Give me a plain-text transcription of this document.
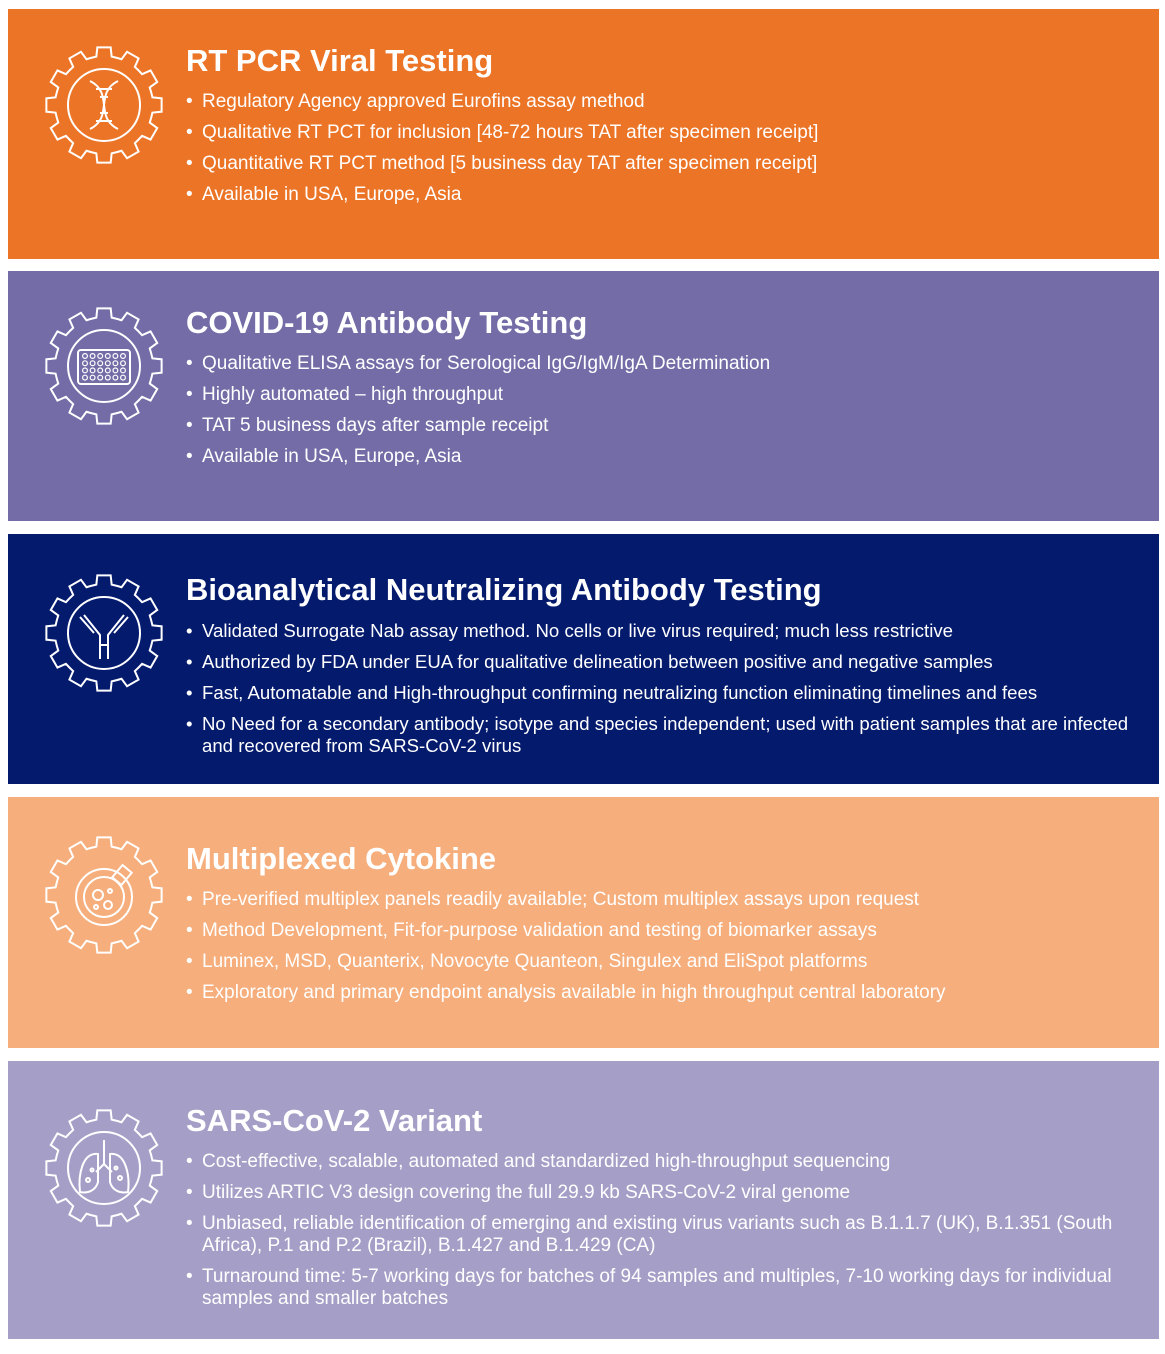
RT PCR Viral Testing
• Regulatory Agency approved Eurofins assay method
• Qualitative RT PCT for inclusion [48-72 hours TAT after specimen receipt]
• Quantitative RT PCT method [5 business day TAT after specimen receipt]
• Available in USA, Europe, Asia
COVID-19 Antibody Testing
• Qualitative ELISA assays for Serological IgG/IgM/IgA Determination
• Highly automated – high throughput
• TAT 5 business days after sample receipt
• Available in USA, Europe, Asia
Bioanalytical Neutralizing Antibody Testing
• Validated Surrogate Nab assay method. No cells or live virus required; much less restrictive
• Authorized by FDA under EUA for qualitative delineation between positive and negative samples
• Fast, Automatable and High-throughput confirming neutralizing function eliminating timelines and fees
• No Need for a secondary antibody; isotype and species independent; used with patient samples that are infected and recovered from SARS-CoV-2 virus
Multiplexed Cytokine
• Pre-verified multiplex panels readily available; Custom multiplex assays upon request
• Method Development, Fit-for-purpose validation and testing of biomarker assays
• Luminex, MSD, Quanterix, Novocyte Quanteon, Singulex and EliSpot platforms
• Exploratory and primary endpoint analysis available in high throughput central laboratory
SARS-CoV-2 Variant
• Cost-effective, scalable, automated and standardized high-throughput sequencing
• Utilizes ARTIC V3 design covering the full 29.9 kb SARS-CoV-2 viral genome
• Unbiased, reliable identification of emerging and existing virus variants such as B.1.1.7 (UK), B.1.351 (South Africa), P.1 and P.2 (Brazil), B.1.427 and B.1.429 (CA)
• Turnaround time: 5-7 working days for batches of 94 samples and multiples, 7-10 working days for individual samples and smaller batches
